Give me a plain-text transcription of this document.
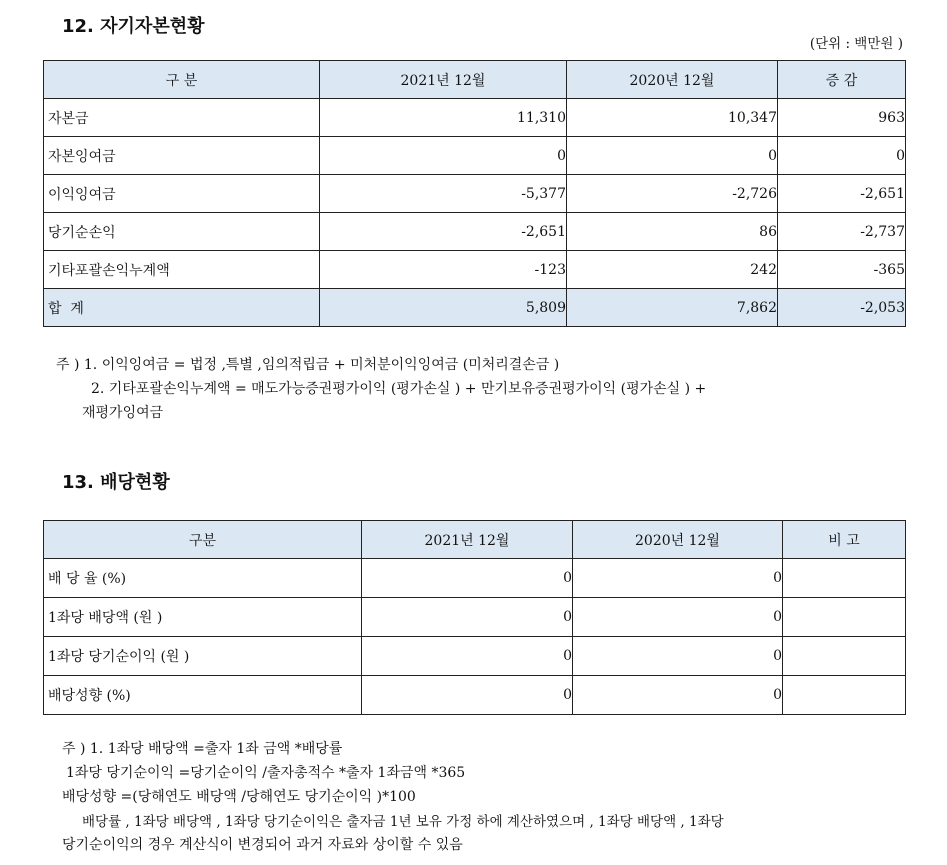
12. 자기자본현황
(단위 : 백만원 )
구 분	2021년 12월	2020년 12월	증 감
자본금	11,310	10,347	963
자본잉여금	0	0	0
이익잉여금	-5,377	-2,726	-2,651
당기순손익	-2,651	86	-2,737
기타포괄손익누계액	-123	242	-365
합  계	5,809	7,862	-2,053
주 ) 1. 이익잉여금 = 법정 ,특별 ,임의적립금 + 미처분이익잉여금 (미처리결손금 )
2. 기타포괄손익누계액 = 매도가능증권평가이익 (평가손실 ) + 만기보유증권평가이익 (평가손실 ) +
재평가잉여금
13. 배당현황
구분	2021년 12월	2020년 12월	비 고
배 당 율 (%)	0	0	
1좌당 배당액 (원 )	0	0	
1좌당 당기순이익 (원 )	0	0	
배당성향 (%)	0	0	
주 ) 1. 1좌당 배당액 =출자 1좌 금액 *배당률
1좌당 당기순이익 =당기순이익 /출자총적수 *출자 1좌금액 *365
배당성향 =(당해연도 배당액 /당해연도 당기순이익 )*100
배당률 , 1좌당 배당액 , 1좌당 당기순이익은 출자금 1년 보유 가정 하에 계산하였으며 , 1좌당 배당액 , 1좌당
당기순이익의 경우 계산식이 변경되어 과거 자료와 상이할 수 있음
